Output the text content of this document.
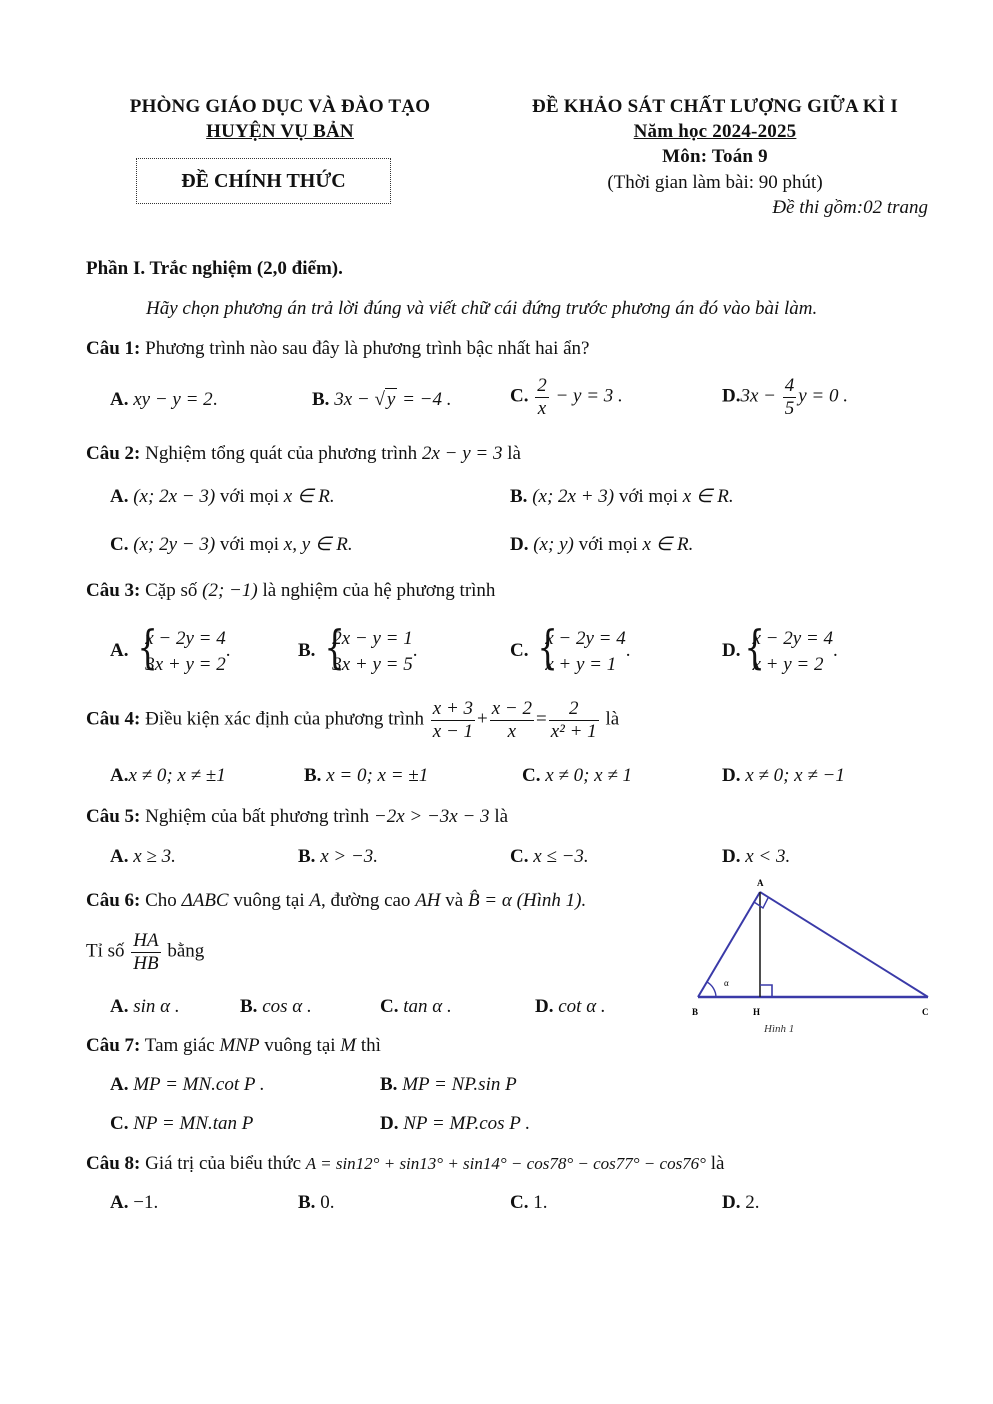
PHÒNG GIÁO DỤC VÀ ĐÀO TẠO
HUYỆN VỤ BẢN
ĐỀ CHÍNH THỨC
ĐỀ KHẢO SÁT CHẤT LƯỢNG GIỮA KÌ I
Năm học 2024-2025
Môn: Toán 9
(Thời gian làm bài: 90 phút)
Đề thi gồm:02 trang
Phần I. Trắc nghiệm (2,0 điểm).
Hãy chọn phương án trả lời đúng và viết chữ cái đứng trước phương án đó vào bài làm.
Câu 1: Phương trình nào sau đây là phương trình bậc nhất hai ẩn?
A. xy − y = 2.	B. 3x − √ y = −4 .	C. $\frac{2}{x} - y = 3$ .	$D.3x - \frac{4}{5}$ y = 0 .
Câu 2: Nghiệm tổng quát của phương trình 2x − y = 3 là
A. (x; 2x − 3) với mọi x ∈ R.	B. (x; 2x + 3) với mọi x ∈ R.
C. (x; 2y − 3) với mọi x, y ∈ R.	D. (x; y) với mọi x ∈ R.
Câu 3: Cặp số (2; −1) là nghiệm của hệ phương trình
A. {
x − 2y = 4
3x + y = 2
.	B. {
2x − y = 1
3x + y = 5
.	C. {
x − 2y = 4
x + y = 1
.	D. {
x − 2y = 4
x + y = 2
.
Câu 4: Điều kiện xác định của phương trình $\frac{x + 3}{x - 1} + \frac{x - 2}{x} = \frac{2}{\text{x² + 1}}$ là
A.x ≠ 0; x ≠ ±1	B. x = 0; x = ±1	C. x ≠ 0; x ≠ 1	D. x ≠ 0; x ≠ −1
Câu 5: Nghiệm của bất phương trình −2x > −3x − 3 là
A. x ≥ 3.	B. x > −3.	C. x ≤ −3.	D. x < 3.
Câu 6: Cho ΔABC vuông tại A, đường cao AH và B̂ = α (Hình 1).
Tỉ số $\frac{HA}{HB}$ bằng
A. sin α .	B. cos α .	C. tan α .	D. cot α .
A
B	H	C
α
Hình 1
Câu 7: Tam giác MNP vuông tại M thì
A. MP = MN.cot P .	B. MP = NP.sin P
C. NP = MN.tan P	D. NP = MP.cos P .
Câu 8: Giá trị của biểu thức A = sin12° + sin13° + sin14° − cos78° − cos77° − cos76° là
A. −1.	B. 0.	C. 1.	D. 2.
